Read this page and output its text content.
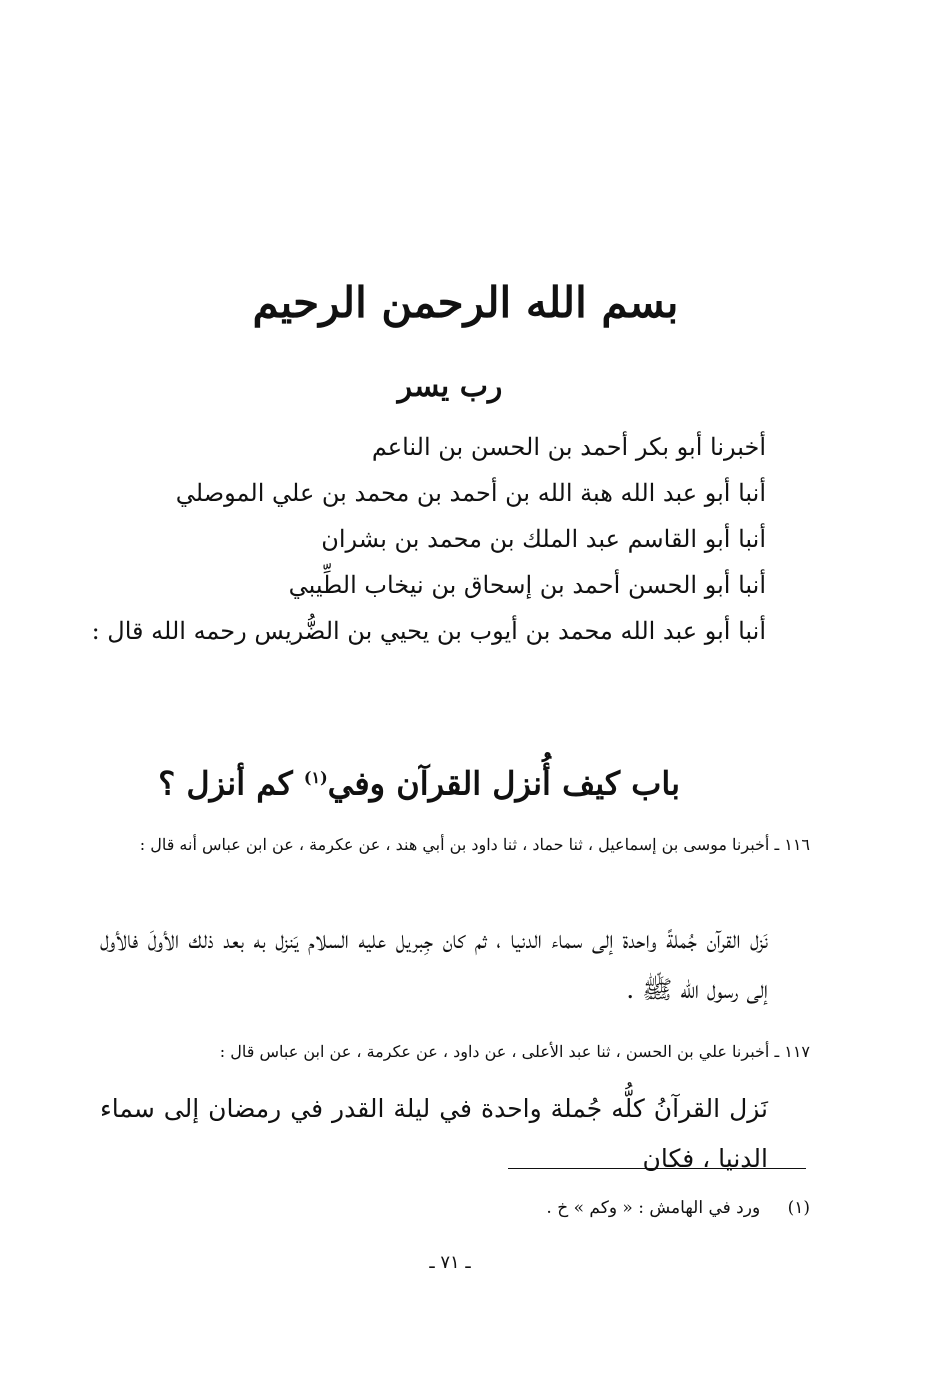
بسم الله الرحمن الرحيم
رب يسر
أخبرنا أبو بكر أحمد بن الحسن بن الناعم
أنبا أبو عبد الله هبة الله بن أحمد بن محمد بن علي الموصلي
أنبا أبو القاسم عبد الملك بن محمد بن بشران
أنبا أبو الحسن أحمد بن إسحاق بن نيخاب الطِّيبي
أنبا أبو عبد الله محمد بن أيوب بن يحيي بن الضُّريس رحمه الله قال :
باب كيف أُنزل القرآن وفي$^{(١)}$ كم أنزل ؟
١١٦ ـ أخبرنا موسى بن إسماعيل ، ثنا حماد ، ثنا داود بن أبي هند ، عن عكرمة ، عن ابن عباس أنه قال :
نَزل القرآن جُملةً واحدة إلى سماء الدنيا ، ثم كان جِبريل عليه السلام يَنزل به بعد ذلك الأولَ فالأول إلى رسول الله ﷺ .
١١٧ ـ أخبرنا علي بن الحسن ، ثنا عبد الأعلى ، عن داود ، عن عكرمة ، عن ابن عباس قال :
نَزل القرآنُ كلُّه جُملة واحدة في ليلة القدر في رمضان إلى سماء الدنيا ، فكان
(١) ورد في الهامش : « وكم » خ .
ـ ٧١ ـ
